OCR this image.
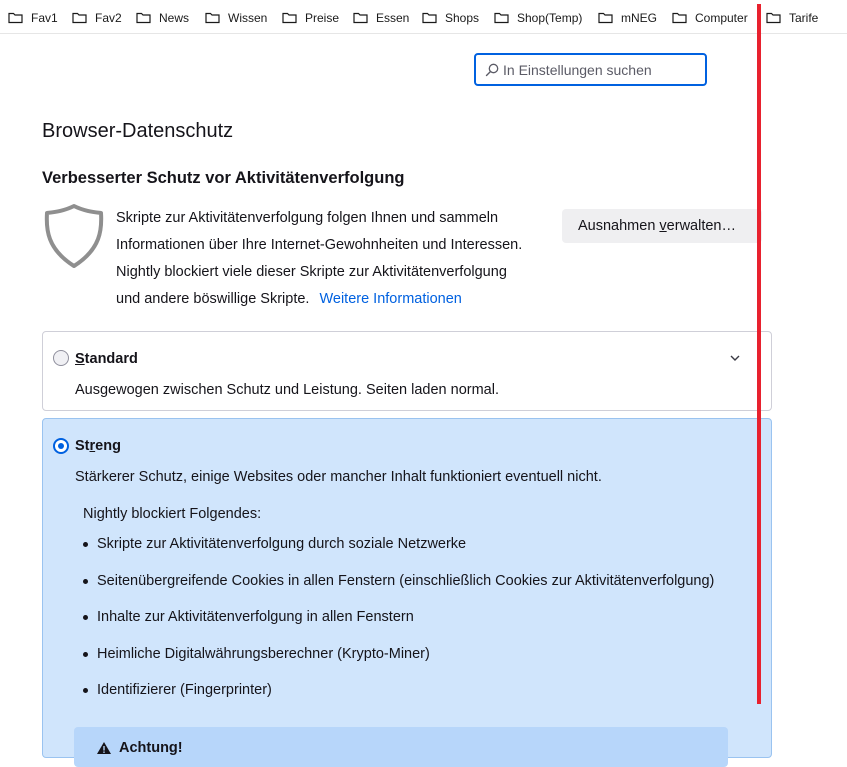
Fav1	Fav2	News	Wissen	Preise	Essen	Shops	Shop(Temp)	mNEG	Computer	Tarife
In Einstellungen suchen
Browser-Datenschutz
Verbesserter Schutz vor Aktivitätenverfolgung
Skripte zur Aktivitätenverfolgung folgen Ihnen und sammeln
Informationen über Ihre Internet-Gewohnheiten und Interessen.
Nightly blockiert viele dieser Skripte zur Aktivitätenverfolgung
und andere böswillige Skripte. Weitere Informationen
Ausnahmen verwalten…
Standard
Ausgewogen zwischen Schutz und Leistung. Seiten laden normal.
Streng
Stärkerer Schutz, einige Websites oder mancher Inhalt funktioniert eventuell nicht.
Nightly blockiert Folgendes:
Skripte zur Aktivitätenverfolgung durch soziale Netzwerke
Seitenübergreifende Cookies in allen Fenstern (einschließlich Cookies zur Aktivitätenverfolgung)
Inhalte zur Aktivitätenverfolgung in allen Fenstern
Heimliche Digitalwährungsberechner (Krypto-Miner)
Identifizierer (Fingerprinter)
Achtung!
